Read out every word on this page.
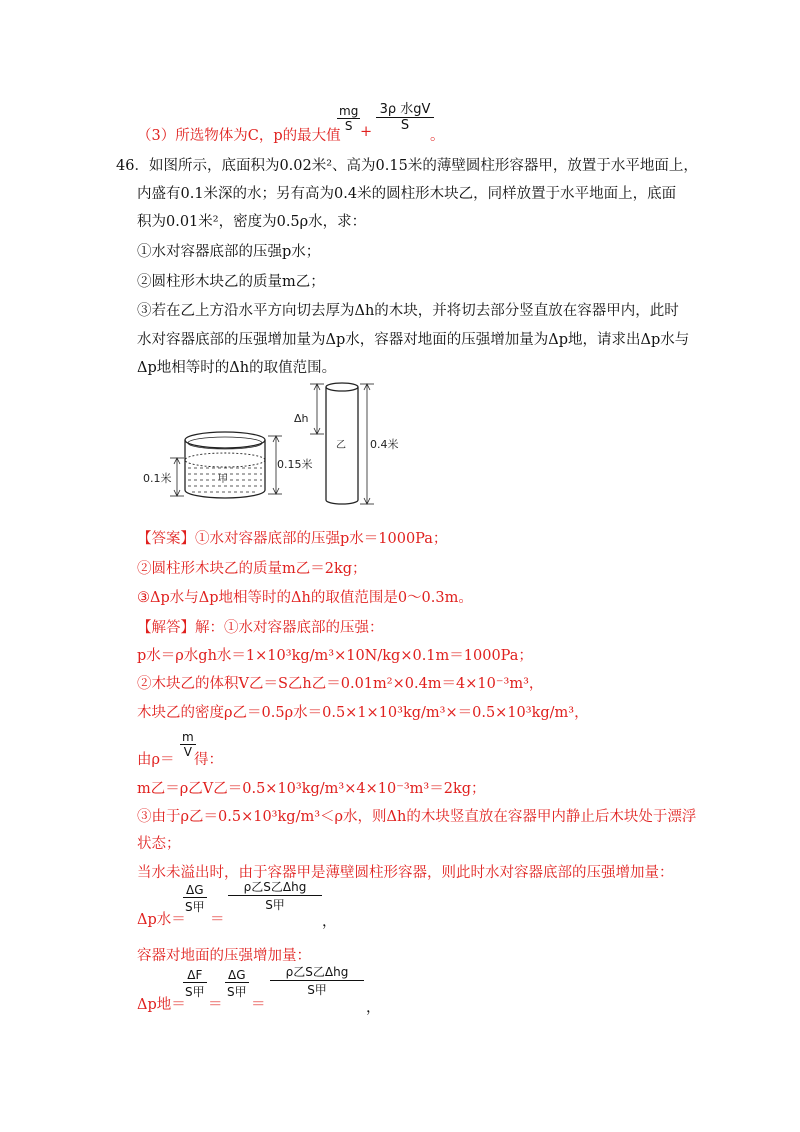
（3）所选物体为C，p的最大值
$\frac{mg}{S}$ +
3ρ 水gV
S
。
46．如图所示，底面积为0.02米²、高为0.15米的薄壁圆柱形容器甲，放置于水平地面上，
内盛有0.1米深的水；另有高为0.4米的圆柱形木块乙，同样放置于水平地面上，底面
积为0.01米²，密度为0.5ρ水，求：
①水对容器底部的压强p水；
②圆柱形木块乙的质量m乙；
③若在乙上方沿水平方向切去厚为Δh的木块，并将切去部分竖直放在容器甲内，此时
水对容器底部的压强增加量为Δp水，容器对地面的压强增加量为Δp地，请求出Δp水与
Δp地相等时的Δh的取值范围。
0.15米
0.1米	甲
Δh
乙 0.4米
【答案】①水对容器底部的压强p水＝1000Pa；
②圆柱形木块乙的质量m乙＝2kg；
③Δp水与Δp地相等时的Δh的取值范围是0～0.3m。
【解答】解：①水对容器底部的压强：
p水＝ρ水gh水＝1×10³kg/m³×10N/kg×0.1m＝1000Pa；
②木块乙的体积V乙＝S乙h乙＝0.01m²×0.4m＝4×10⁻³m³，
木块乙的密度ρ乙＝0.5ρ水＝0.5×1×10³kg/m³×＝0.5×10³kg/m³，
由ρ＝
$\frac{m}{V}$
得：
m乙＝ρ乙V乙＝0.5×10³kg/m³×4×10⁻³m³＝2kg；
③由于ρ乙＝0.5×10³kg/m³＜ρ水，则Δh的木块竖直放在容器甲内静止后木块处于漂浮
状态；
当水未溢出时，由于容器甲是薄壁圆柱形容器，则此时水对容器底部的压强增加量：
Δp水＝
ΔG
S甲
＝
ρ乙S乙Δhg
S甲
，
容器对地面的压强增加量：
Δp地＝
ΔF
S甲
＝
ΔG
S甲
＝
ρ乙S乙Δhg
S甲
，
